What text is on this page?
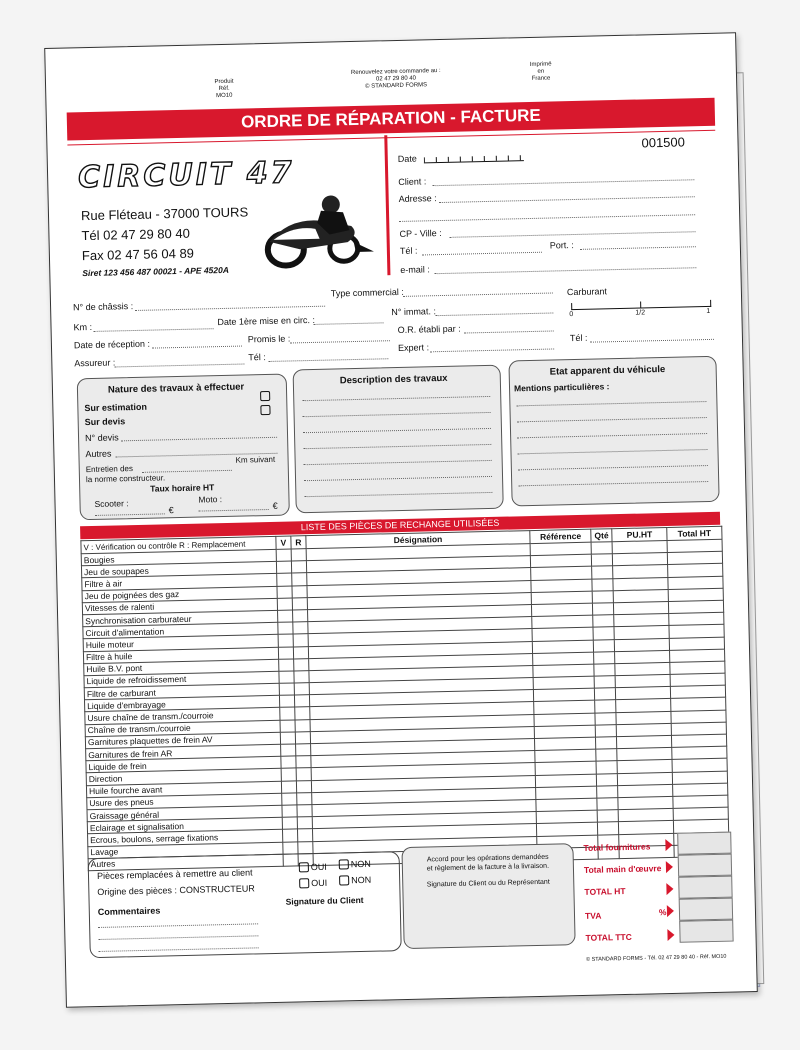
Produit
Réf.
MO10
Renouvelez votre commande au :
02 47 29 80 40
© STANDARD FORMS
Imprimé
en
France
ORDRE DE RÉPARATION - FACTURE
CIRCUIT 47
Rue Fléteau - 37000 TOURS
Tél 02 47 29 80 40
Fax 02 47 56 04 89
Siret 123 456 487 00021 - APE 4520A
Date
001500
Client :
Adresse :
CP - Ville :
Tél :
Port. :
e-mail :
N° de châssis :
Type commercial :	Carburant
0	1/2	1
Km :
Date 1ère mise en circ. :
N° immat. :
Date de réception :	Promis le :
O.R. établi par :
Assureur :
Tél :
Expert :
Tél :
Nature des travaux à effectuer
Sur estimation
Sur devis
N° devis
Autres
Entretien des
Km suivant
la norme constructeur.
Taux horaire HT
Scooter :
€
Moto :
€
Description des travaux
Etat apparent du véhicule
Mentions particulières :
LISTE DES PIÈCES DE RECHANGE UTILISÉES
V : Vérification ou contrôle R : Remplacement	V	R	Désignation	Référence	Qté	PU.HT	Total HT
Bougies							
Jeu de soupapes							
Filtre à air							
Jeu de poignées des gaz							
Vitesses de ralenti							
Synchronisation carburateur							
Circuit d'alimentation							
Huile moteur							
Filtre à huile							
Huile B.V. pont							
Liquide de refroidissement							
Filtre de carburant							
Liquide d'embrayage							
Usure chaîne de transm./courroie							
Chaîne de transm./courroie							
Garnitures plaquettes de frein AV							
Garnitures de frein AR							
Liquide de frein							
Direction							
Huile fourche avant							
Usure des pneus							
Graissage général							
Eclairage et signalisation							
Ecrous, boulons, serrage fixations							
Lavage							
Autres							
Pièces remplacées à remettre au client
Origine des pièces : CONSTRUCTEUR
OUI	NON
OUI	NON
Commentaires
Signature du Client
Accord pour les opérations demandées
et règlement de la facture à la livraison.
Signature du Client ou du Représentant
Total fournitures
Total main d'œuvre
TOTAL HT
TVA	%
TOTAL TTC
© STANDARD FORMS - Tél. 02 47 29 80 40 - Réf. MO10
